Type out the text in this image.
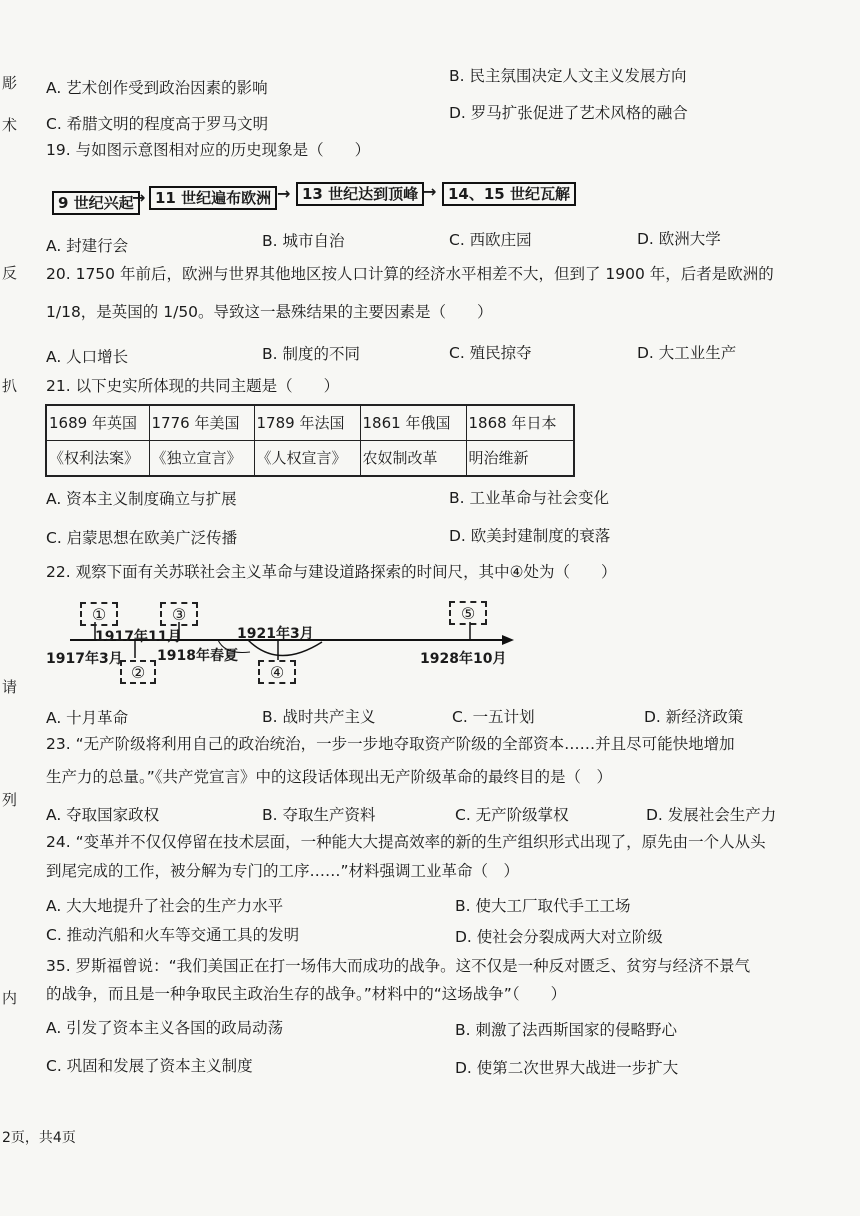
彫
术
反
扒
请
列
内
A. 艺术创作受到政治因素的影响
B. 民主氛围决定人文主义发展方向
C. 希腊文明的程度高于罗马文明
D. 罗马扩张促进了艺术风格的融合
19. 与如图示意图相对应的历史现象是（　　）
9 世纪兴起
→ 11 世纪遍布欧洲 → 13 世纪达到顶峰 → 14、15 世纪瓦解
A. 封建行会	B. 城市自治	C. 西欧庄园	D. 欧洲大学
20. 1750 年前后，欧洲与世界其他地区按人口计算的经济水平相差不大，但到了 1900 年，后者是欧洲的
1/18，是英国的 1/50。导致这一悬殊结果的主要因素是（　　）
A. 人口增长	B. 制度的不同	C. 殖民掠夺	D. 大工业生产
21. 以下史实所体现的共同主题是（　　）
1689 年英国	1776 年美国	1789 年法国	1861 年俄国	1868 年日本
《权利法案》	《独立宣言》	《人权宣言》	农奴制改革	明治维新
A. 资本主义制度确立与扩展	B. 工业革命与社会变化
C. 启蒙思想在欧美广泛传播	D. 欧美封建制度的衰落
22. 观察下面有关苏联社会主义革命与建设道路探索的时间尺，其中④处为（　　）
①	③	⑤
②	④
1917年11月	1921年3月
1917年3月 1918年春夏	1928年10月
A. 十月革命	B. 战时共产主义	C. 一五计划	D. 新经济政策
23. “无产阶级将利用自己的政治统治，一步一步地夺取资产阶级的全部资本……并且尽可能快地增加
生产力的总量。”《共产党宣言》中的这段话体现出无产阶级革命的最终目的是（　）
A. 夺取国家政权	B. 夺取生产资料	C. 无产阶级掌权	D. 发展社会生产力
24. “变革并不仅仅停留在技术层面，一种能大大提高效率的新的生产组织形式出现了，原先由一个人从头
到尾完成的工作，被分解为专门的工序……”材料强调工业革命（　）
A. 大大地提升了社会的生产力水平	B. 使大工厂取代手工工场
C. 推动汽船和火车等交通工具的发明	D. 使社会分裂成两大对立阶级
35. 罗斯福曾说：“我们美国正在打一场伟大而成功的战争。这不仅是一种反对匮乏、贫穷与经济不景气
的战争，而且是一种争取民主政治生存的战争。”材料中的“这场战争”（　　）
A. 引发了资本主义各国的政局动荡	B. 刺激了法西斯国家的侵略野心
C. 巩固和发展了资本主义制度	D. 使第二次世界大战进一步扩大
2页，共4页
